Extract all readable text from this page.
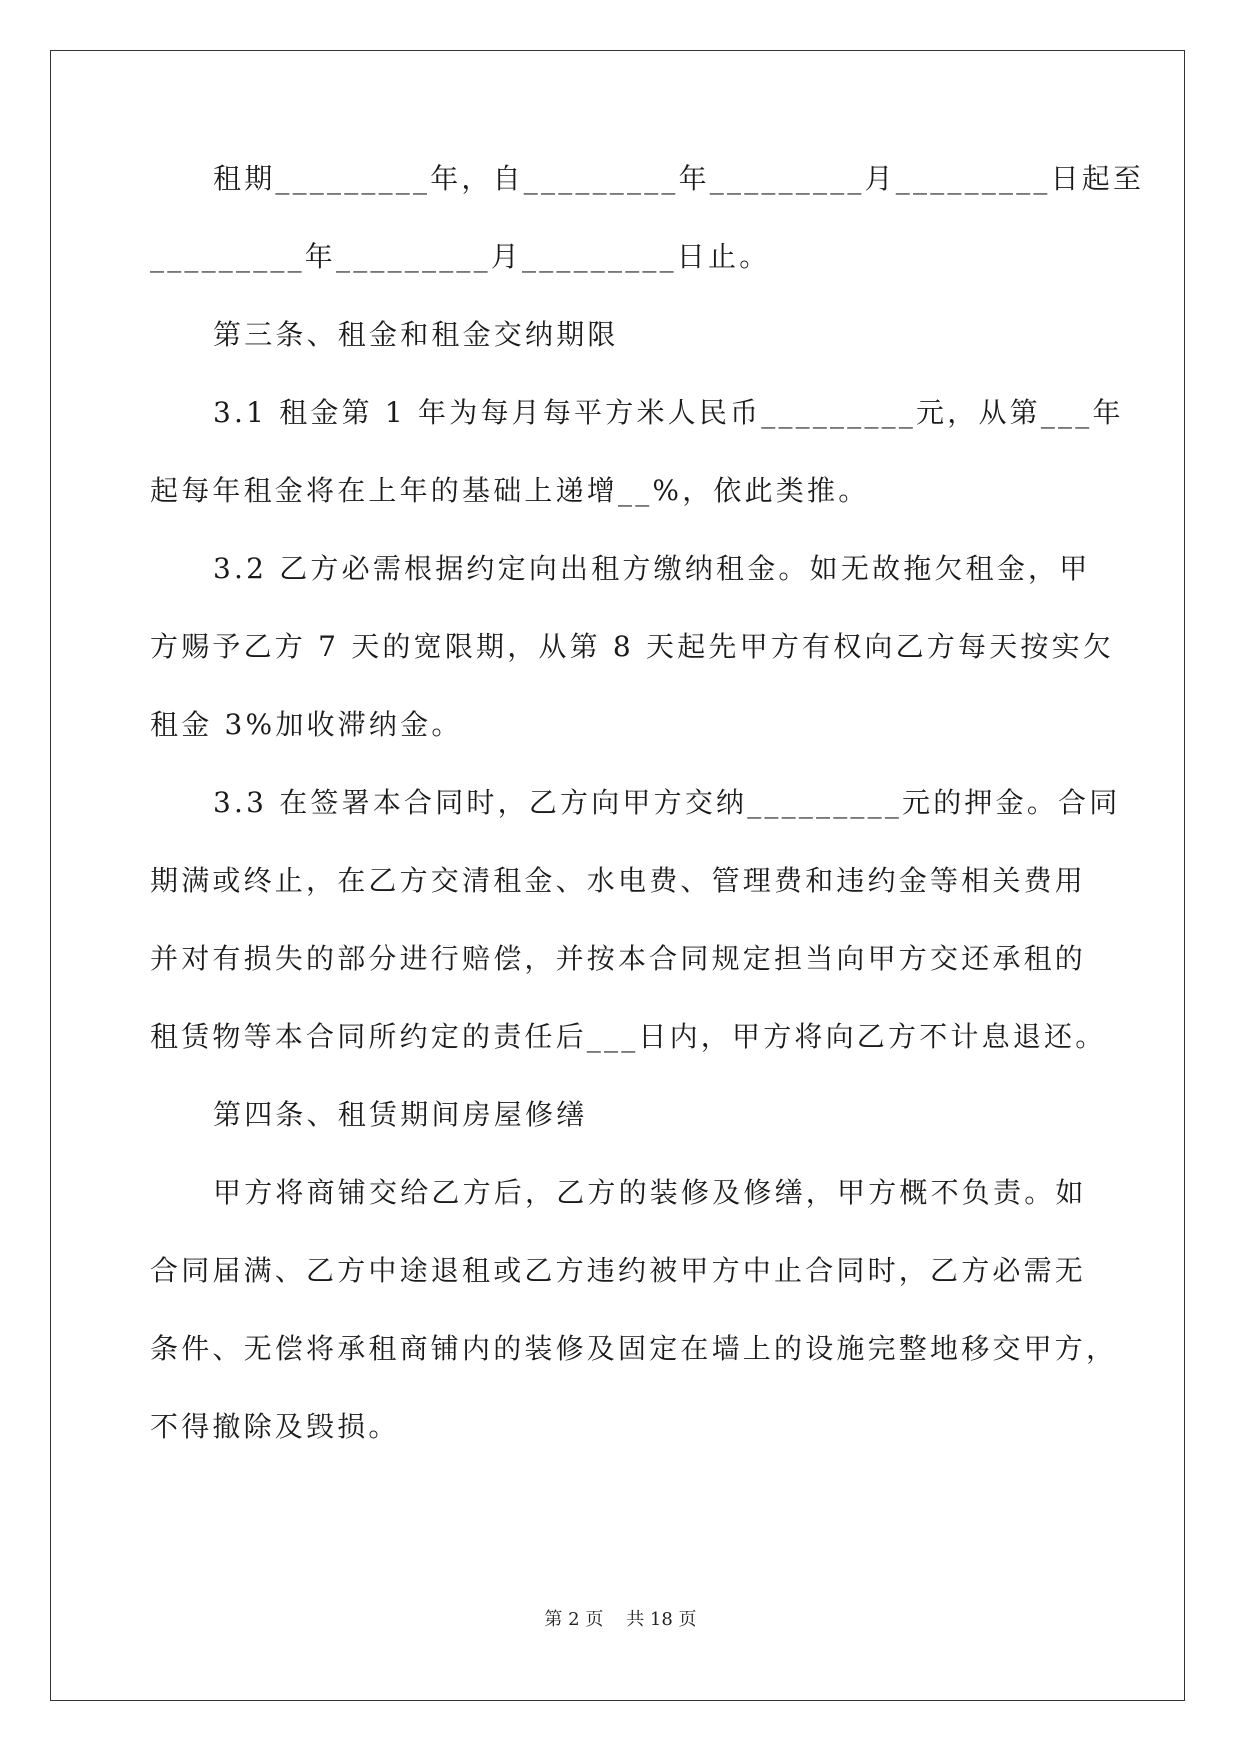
租期_________年，自_________年_________月_________日起至
_________年_________月_________日止。
第三条、租金和租金交纳期限
3.1 租金第 1 年为每月每平方米人民币_________元，从第___年
起每年租金将在上年的基础上递增__%，依此类推。
3.2 乙方必需根据约定向出租方缴纳租金。如无故拖欠租金，甲
方赐予乙方 7 天的宽限期，从第 8 天起先甲方有权向乙方每天按实欠
租金 3%加收滞纳金。
3.3 在签署本合同时，乙方向甲方交纳_________元的押金。合同
期满或终止，在乙方交清租金、水电费、管理费和违约金等相关费用
并对有损失的部分进行赔偿，并按本合同规定担当向甲方交还承租的
租赁物等本合同所约定的责任后___日内，甲方将向乙方不计息退还。
第四条、租赁期间房屋修缮
甲方将商铺交给乙方后，乙方的装修及修缮，甲方概不负责。如
合同届满、乙方中途退租或乙方违约被甲方中止合同时，乙方必需无
条件、无偿将承租商铺内的装修及固定在墙上的设施完整地移交甲方，
不得撤除及毁损。
第 2 页    共 18 页
